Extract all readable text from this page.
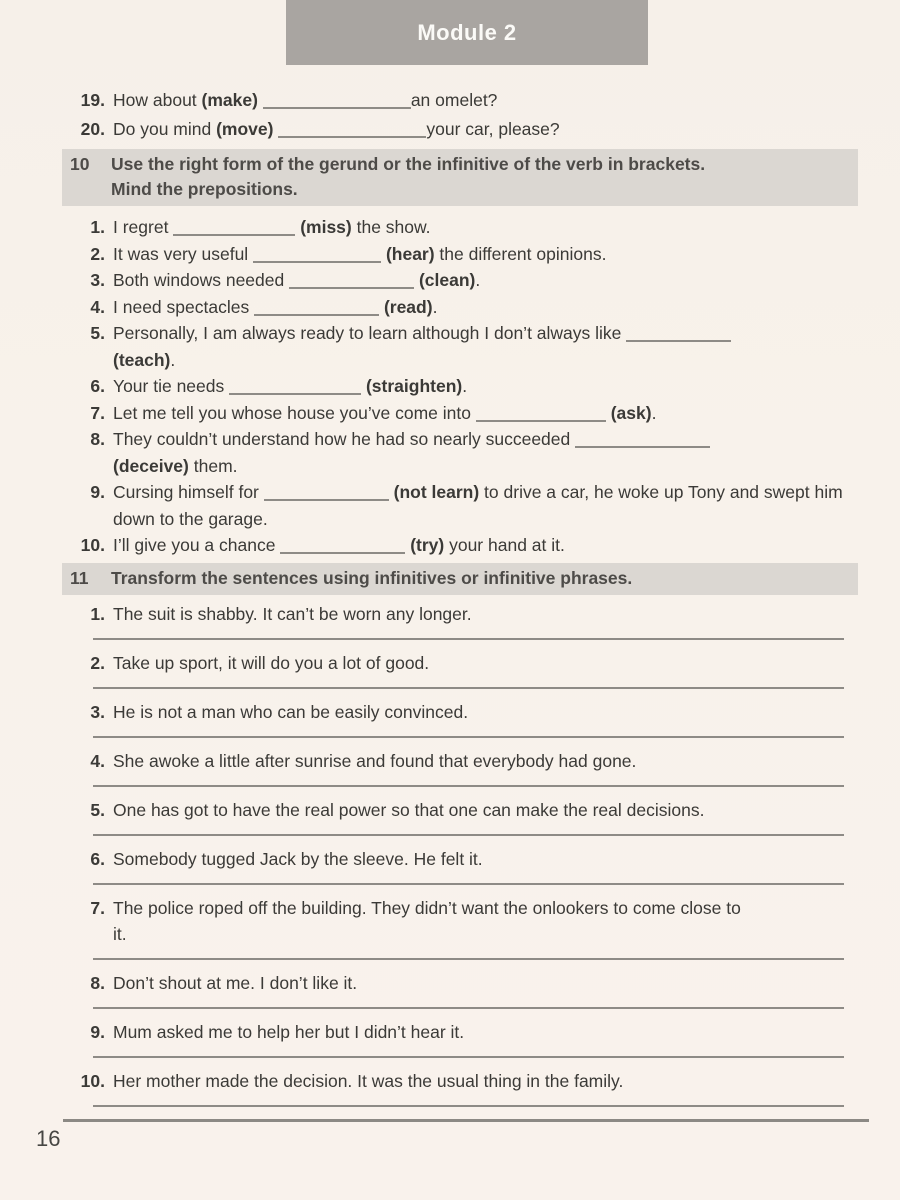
Module 2
19. How about (make)	an omelet?
20. Do you mind (move)	your car, please?
10	Use the right form of the gerund or the infinitive of the verb in brackets.
Mind the prepositions.
1. I regret	(miss) the show.
2. It was very useful	(hear) the different opinions.
3. Both windows needed	(clean).
4. I need spectacles	(read).
5. Personally, I am always ready to learn although I don’t always like
(teach).
6. Your tie needs	(straighten).
7. Let me tell you whose house you’ve come into	(ask).
8. They couldn’t understand how he had so nearly succeeded
(deceive) them.
9. Cursing himself for	(not learn) to drive a car, he woke up Tony and swept him down to the garage.
10. I’ll give you a chance	(try) your hand at it.
11	Transform the sentences using infinitives or infinitive phrases.
1. The suit is shabby. It can’t be worn any longer.
2. Take up sport, it will do you a lot of good.
3. He is not a man who can be easily convinced.
4. She awoke a little after sunrise and found that everybody had gone.
5. One has got to have the real power so that one can make the real decisions.
6. Somebody tugged Jack by the sleeve. He felt it.
7. The police roped off the building. They didn’t want the onlookers to come close to
it.
8. Don’t shout at me. I don’t like it.
9. Mum asked me to help her but I didn’t hear it.
10. Her mother made the decision. It was the usual thing in the family.
16
